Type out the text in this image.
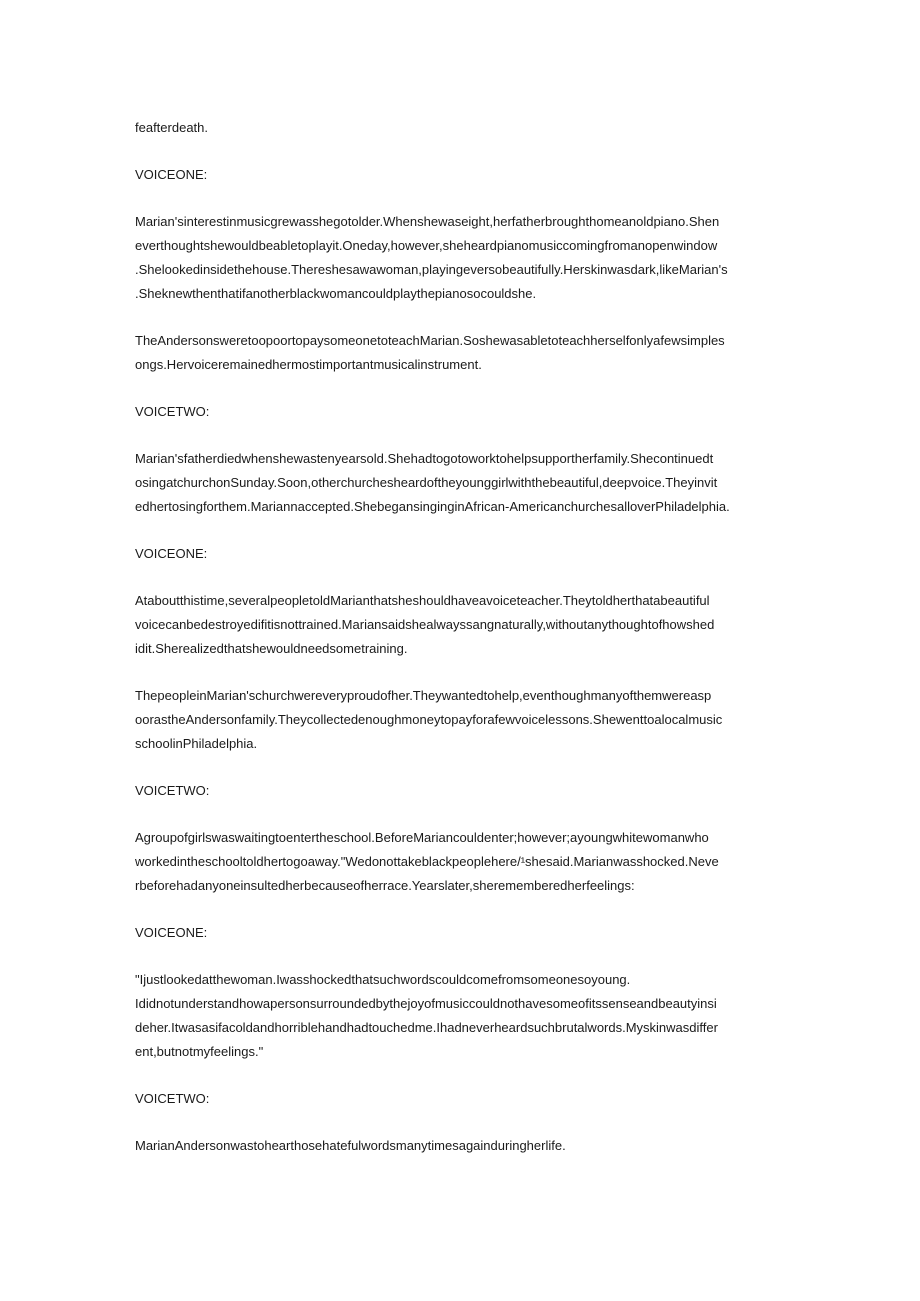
feafterdeath.

VOICEONE:

Marian'sinterestinmusicgrewasshegotolder.Whenshewaseight,herfatherbroughthomeanoldpiano.Shen
everthoughtshewouldbeabletoplayit.Oneday,however,sheheardpianomusiccomingfromanopenwindow
.Shelookedinsidethehouse.Thereshesawawoman,playingeversobeautifully.Herskinwasdark,likeMarian's
.Sheknewthenthatifanotherblackwomancouldplaythepianosocouldshe.

TheAndersonsweretoopoortopaysomeonetoteachMarian.Soshewasabletoteachherselfonlyafewsimples
ongs.Hervoiceremainedhermostimportantmusicalinstrument.

VOICETWO:

Marian'sfatherdiedwhenshewastenyearsold.Shehadtogotoworktohelpsupportherfamily.Shecontinuedt
osingatchurchonSunday.Soon,otherchurchesheardoftheyounggirlwiththebeautiful,deepvoice.Theyinvit
edhertosingforthem.Mariannaccepted.ShebegansinginginAfrican-AmericanchurchesalloverPhiladelphia.

VOICEONE:

Ataboutthistime,severalpeopletoldMarianthatsheshouldhaveavoiceteacher.Theytoldherthatabeautiful
voicecanbedestroyedifitisnottrained.Mariansaidshealwayssangnaturally,withoutanythoughtofhowshed
idit.Sherealizedthatshewouldneedsometraining.

ThepeopleinMarian'schurchwereveryproudofher.Theywantedtohelp,eventhoughmanyofthemwereasp
oorastheAndersonfamily.Theycollectedenoughmoneytopayforafewvoicelessons.Shewenttoalocalmusic
schoolinPhiladelphia.

VOICETWO:

Agroupofgirlswaswaitingtoentertheschool.BeforeMariancouldenter;however;ayoungwhitewomanwho
workedintheschooltoldhertogoaway."Wedonottakeblackpeoplehere/¹shesaid.Marianwasshocked.Neve
rbeforehadanyoneinsultedherbecauseofherrace.Yearslater,sherememberedherfeelings:

VOICEONE:

"Ijustlookedatthewoman.Iwasshockedthatsuchwordscouldcomefromsomeonesoyoung.
Ididnotunderstandhowapersonsurroundedbythejoyofmusiccouldnothavesomeofitssenseandbeautyinsi
deher.Itwasasifacoldandhorriblehandhadtouchedme.Ihadneverheardsuchbrutalwords.Myskinwasdiffer
ent,butnotmyfeelings."

VOICETWO:

MarianAndersonwastohearthosehatefulwordsmanytimesagainduringherlife.
